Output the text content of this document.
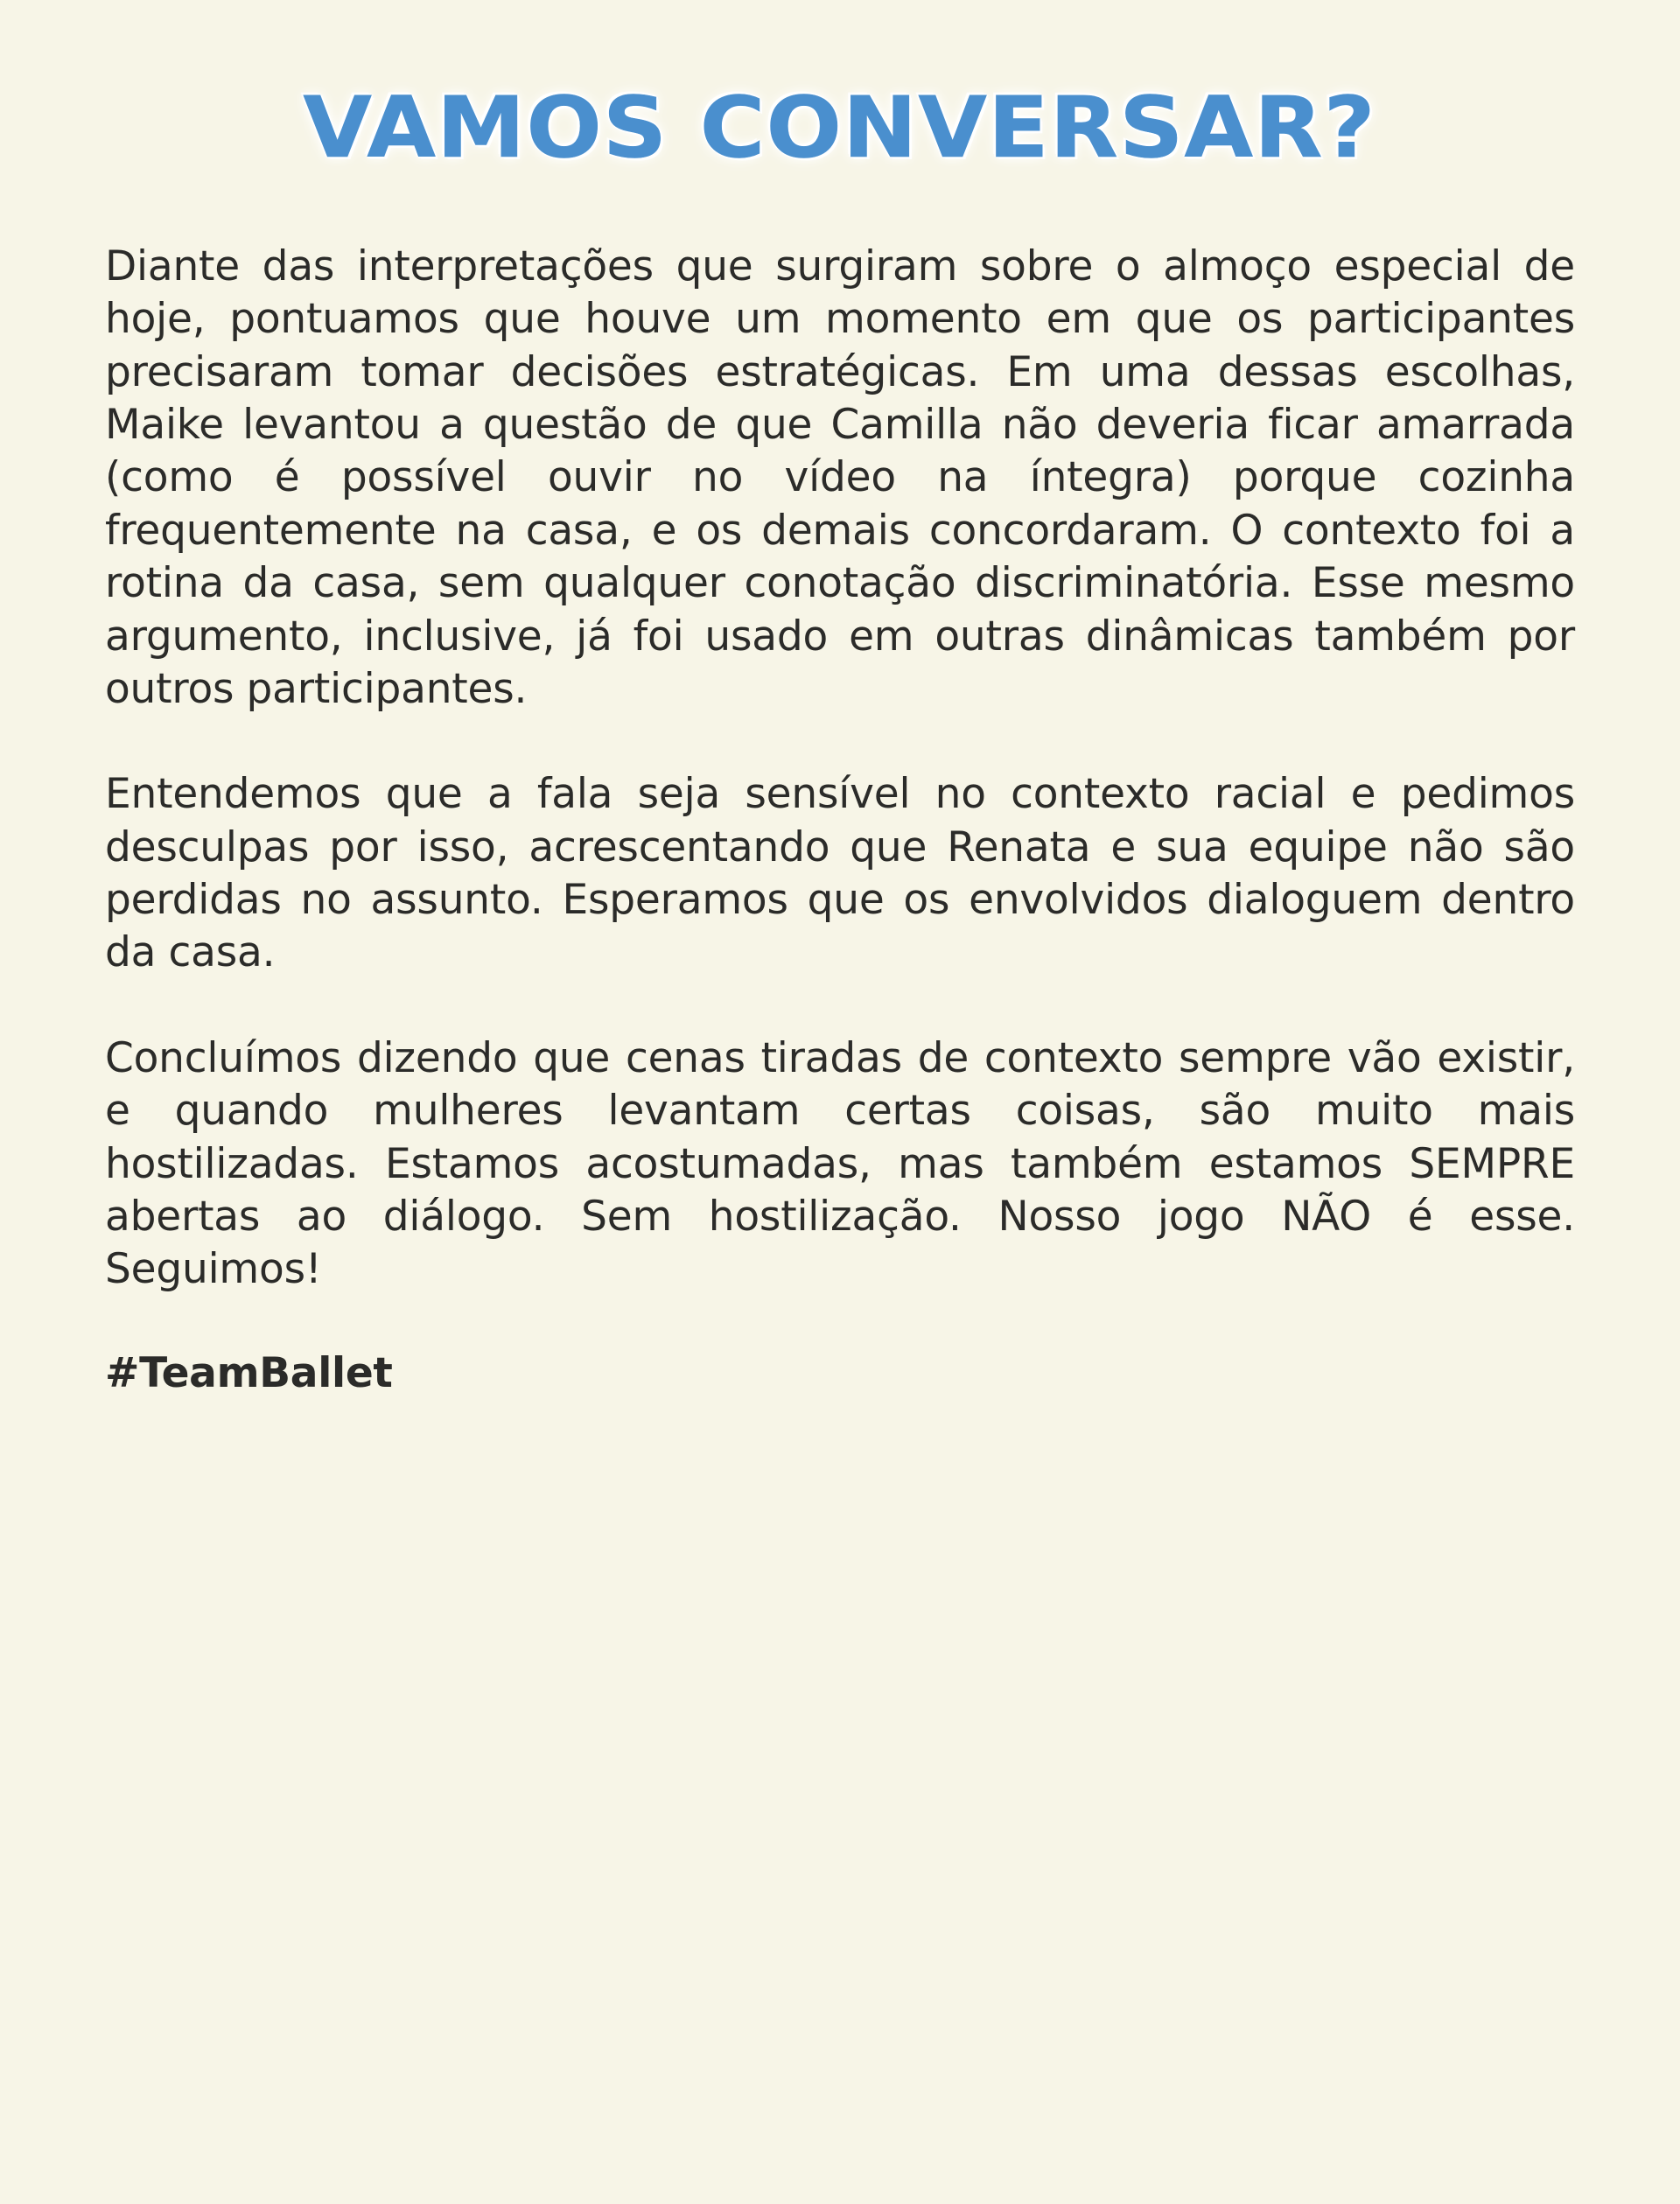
VAMOS CONVERSAR?

Diante das interpretações que surgiram sobre o almoço especial de hoje, pontuamos que houve um momento em que os participantes precisaram tomar decisões estratégicas. Em uma dessas escolhas, Maike levantou a questão de que Camilla não deveria ficar amarrada (como é possível ouvir no vídeo na íntegra) porque cozinha frequentemente na casa, e os demais concordaram. O contexto foi a rotina da casa, sem qualquer conotação discriminatória. Esse mesmo argumento, inclusive, já foi usado em outras dinâmicas também por outros participantes.

Entendemos que a fala seja sensível no contexto racial e pedimos desculpas por isso, acrescentando que Renata e sua equipe não são perdidas no assunto. Esperamos que os envolvidos dialoguem dentro da casa.

Concluímos dizendo que cenas tiradas de contexto sempre vão existir, e quando mulheres levantam certas coisas, são muito mais hostilizadas. Estamos acostumadas, mas também estamos SEMPRE abertas ao diálogo. Sem hostilização. Nosso jogo NÃO é esse. Seguimos!

#TeamBallet
